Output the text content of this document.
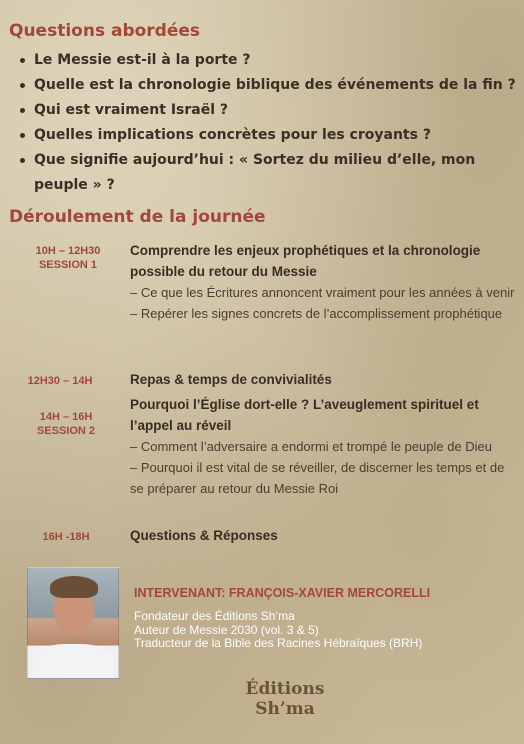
Questions abordées
Le Messie est-il à la porte ?
Quelle est la chronologie biblique des événements de la fin ?
Qui est vraiment Israël ?
Quelles implications concrètes pour les croyants ?
Que signifie aujourd’hui : « Sortez du milieu d’elle, mon peuple » ?
Déroulement de la journée
10H – 12H30
SESSION 1
Comprendre les enjeux prophétiques et la chronologie possible du retour du Messie
– Ce que les Écritures annoncent vraiment pour les années à venir
– Repérer les signes concrets de l’accomplissement prophétique
12H30 – 14H	Repas & temps de convivialités
14H – 16H
SESSION 2
Pourquoi l’Église dort-elle ? L’aveuglement spirituel et l’appel au réveil
– Comment l’adversaire a endormi et trompé le peuple de Dieu
– Pourquoi il est vital de se réveiller, de discerner les temps et de se préparer au retour du Messie Roi
16H -18H	Questions & Réponses
INTERVENANT: FRANÇOIS-XAVIER MERCORELLI
Fondateur des Éditions Sh’ma
Auteur de Messie 2030 (vol. 3 & 5)
Traducteur de la Bible des Racines Hébraïques (BRH)
Éditions
Sh’ma
